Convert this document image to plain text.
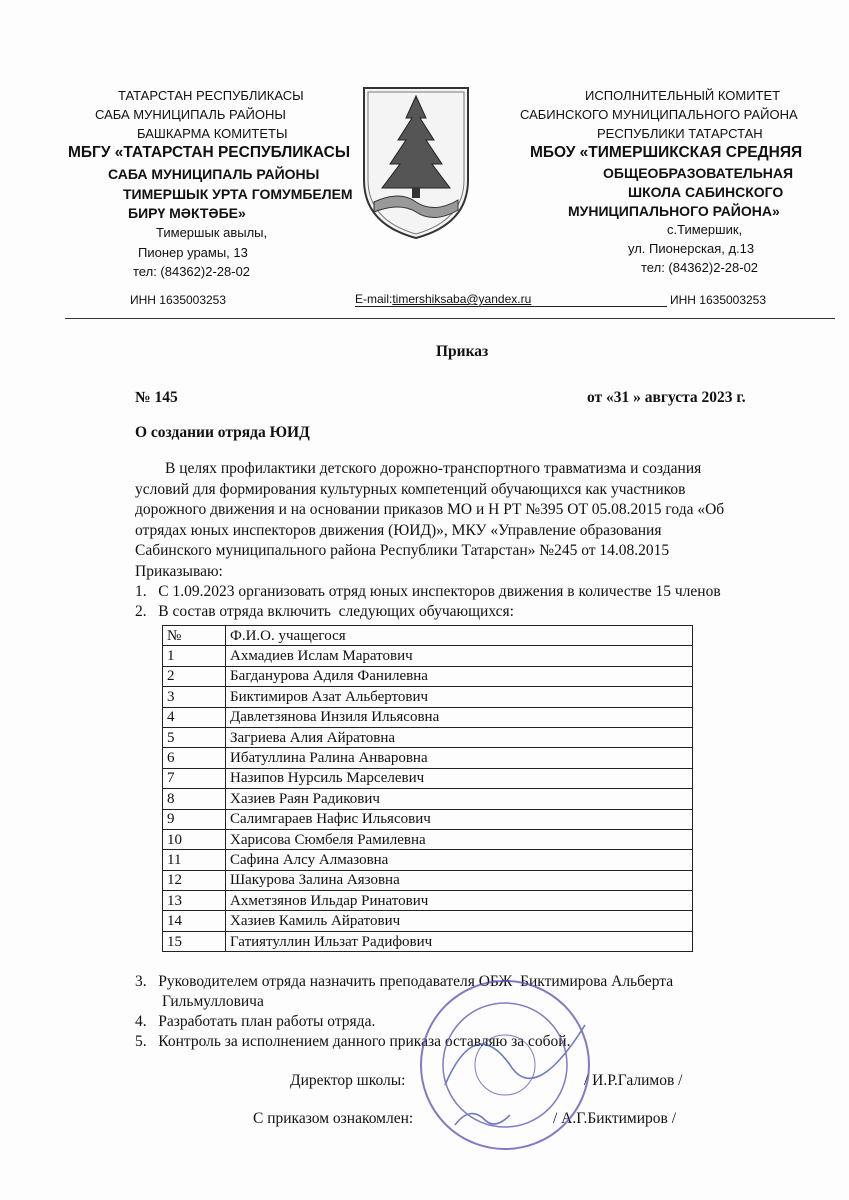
ТАТАРСТАН РЕСПУБЛИКАСЫ
САБА МУНИЦИПАЛЬ РАЙОНЫ
БАШКАРМА КОМИТЕТЫ
МБГУ «ТАТАРСТАН РЕСПУБЛИКАСЫ
САБА МУНИЦИПАЛЬ РАЙОНЫ
ТИМЕРШЫК УРТА ГОМУМБЕЛЕМ
БИРҮ МӘКТӘБЕ»
Тимершык авылы,
Пионер урамы, 13
тел: (84362)2-28-02
ИНН 1635003253
ИСПОЛНИТЕЛЬНЫЙ КОМИТЕТ
САБИНСКОГО МУНИЦИПАЛЬНОГО РАЙОНА
РЕСПУБЛИКИ ТАТАРСТАН
МБОУ «ТИМЕРШИКСКАЯ СРЕДНЯЯ
ОБЩЕОБРАЗОВАТЕЛЬНАЯ
ШКОЛА САБИНСКОГО
МУНИЦИПАЛЬНОГО РАЙОНА»
с.Тимершик,
ул. Пионерская, д.13
тел: (84362)2-28-02
ИНН 1635003253
E-mail:timershiksaba@yandex.ru
Приказ
№ 145	от «31 » августа 2023 г.
О создании отряда ЮИД
В целях профилактики детского дорожно-транспортного травматизма и создания
условий для формирования культурных компетенций обучающихся как участников
дорожного движения и на основании приказов МО и Н РТ №395 ОТ 05.08.2015 года «Об
отрядах юных инспекторов движения (ЮИД)», МКУ «Управление образования
Сабинского муниципального района Республики Татарстан» №245 от 14.08.2015
Приказываю:
1.   С 1.09.2023 организовать отряд юных инспекторов движения в количестве 15 членов
2.   В состав отряда включить  следующих обучающихся:
№	Ф.И.О. учащегося
1	Ахмадиев Ислам Маратович
2	Багданурова Адиля Фанилевна
3	Биктимиров Азат Альбертович
4	Давлетзянова Инзиля Ильясовна
5	Загриева Алия Айратовна
6	Ибатуллина Ралина Анваровна
7	Назипов Нурсиль Марселевич
8	Хазиев Раян Радикович
9	Салимгараев Нафис Ильясович
10	Харисова Сюмбеля Рамилевна
11	Сафина Алсу Алмазовна
12	Шакурова Залина Аязовна
13	Ахметзянов Ильдар Ринатович
14	Хазиев Камиль Айратович
15	Гатиятуллин Ильзат Радифович
3.   Руководителем отряда назначить преподавателя ОБЖ  Биктимирова Альберта
Гильмулловича
4.   Разработать план работы отряда.
5.   Контроль за исполнением данного приказа оставляю за собой.
Директор школы:	/ И.Р.Галимов /
С приказом ознакомлен:	/ А.Г.Биктимиров /
